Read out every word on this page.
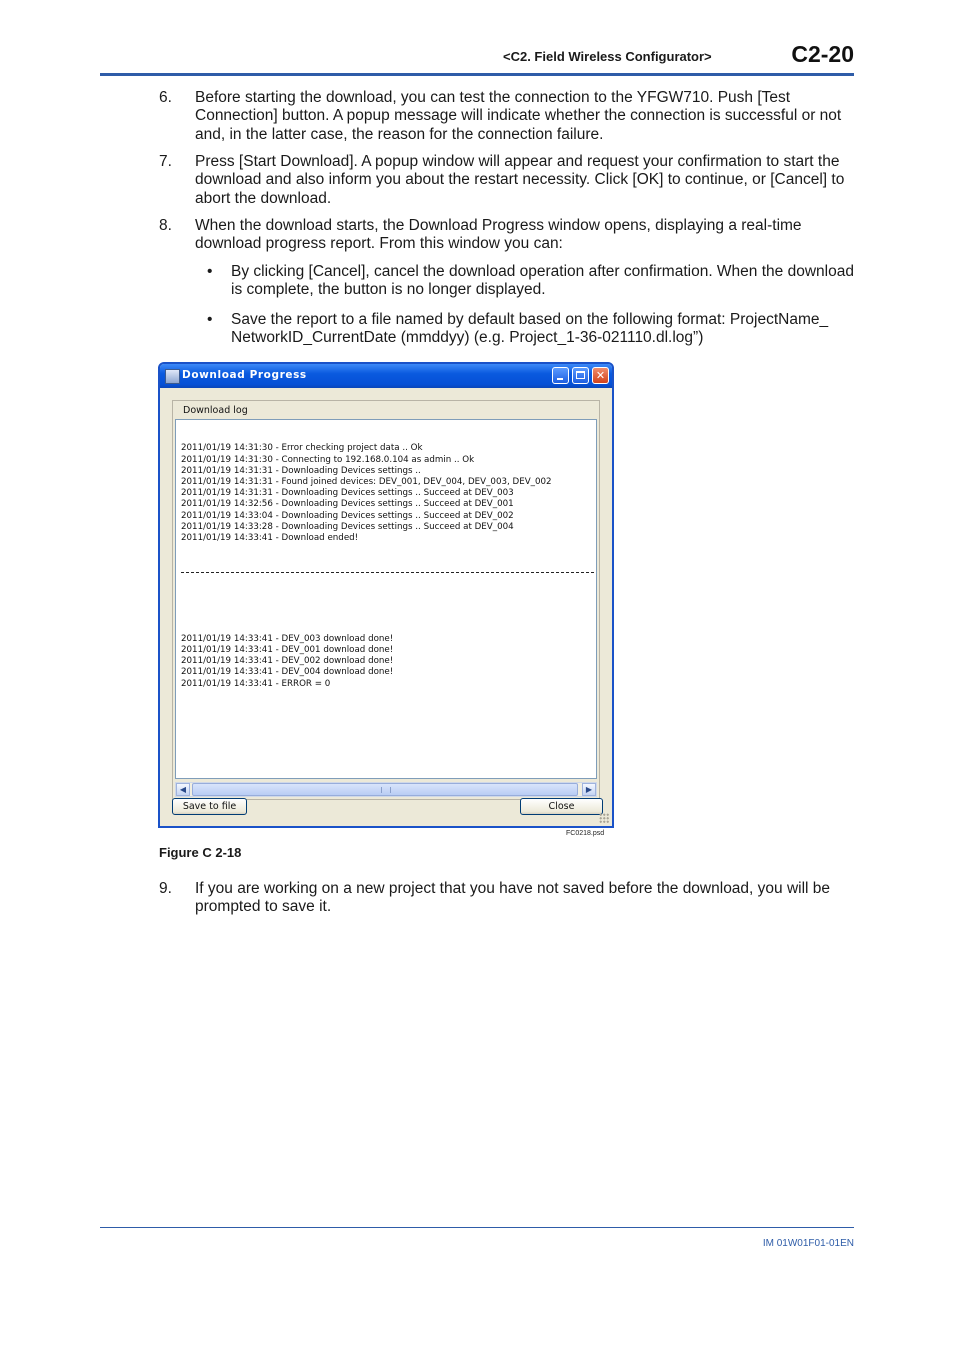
<C2. Field Wireless Configurator>	C2-20
6. Before starting the download, you can test the connection to the YFGW710. Push [Test Connection] button. A popup message will indicate whether the connection is successful or not and, in the latter case, the reason for the connection failure.
7. Press [Start Download]. A popup window will appear and request your confirmation to start the download and also inform you about the restart necessity. Click [OK] to continue, or [Cancel] to abort the download.
8. When the download starts, the Download Progress window opens, displaying a real-time download progress report. From this window you can:
• By clicking [Cancel], cancel the download operation after confirmation. When the download is complete, the button is no longer displayed.
• Save the report to a file named by default based on the following format: ProjectName_ NetworkID_CurrentDate (mmddyy) (e.g. Project_1-36-021110.dl.log”)
Download Progress	✕
Download log

2011/01/19 14:31:30 - Error checking project data .. Ok
2011/01/19 14:31:30 - Connecting to 192.168.0.104 as admin .. Ok
2011/01/19 14:31:31 - Downloading Devices settings ..
2011/01/19 14:31:31 - Found joined devices: DEV_001, DEV_004, DEV_003, DEV_002
2011/01/19 14:31:31 - Downloading Devices settings .. Succeed at DEV_003
2011/01/19 14:32:56 - Downloading Devices settings .. Succeed at DEV_001
2011/01/19 14:33:04 - Downloading Devices settings .. Succeed at DEV_002
2011/01/19 14:33:28 - Downloading Devices settings .. Succeed at DEV_004
2011/01/19 14:33:41 - Download ended!

2011/01/19 14:33:41 - DEV_003 download done!
2011/01/19 14:33:41 - DEV_001 download done!
2011/01/19 14:33:41 - DEV_002 download done!
2011/01/19 14:33:41 - DEV_004 download done!
2011/01/19 14:33:41 - ERROR = 0

◀	▶
Save to file	Close
FC0218.psd
Figure C 2-18
9. If you are working on a new project that you have not saved before the download, you will be prompted to save it.
IM 01W01F01-01EN
